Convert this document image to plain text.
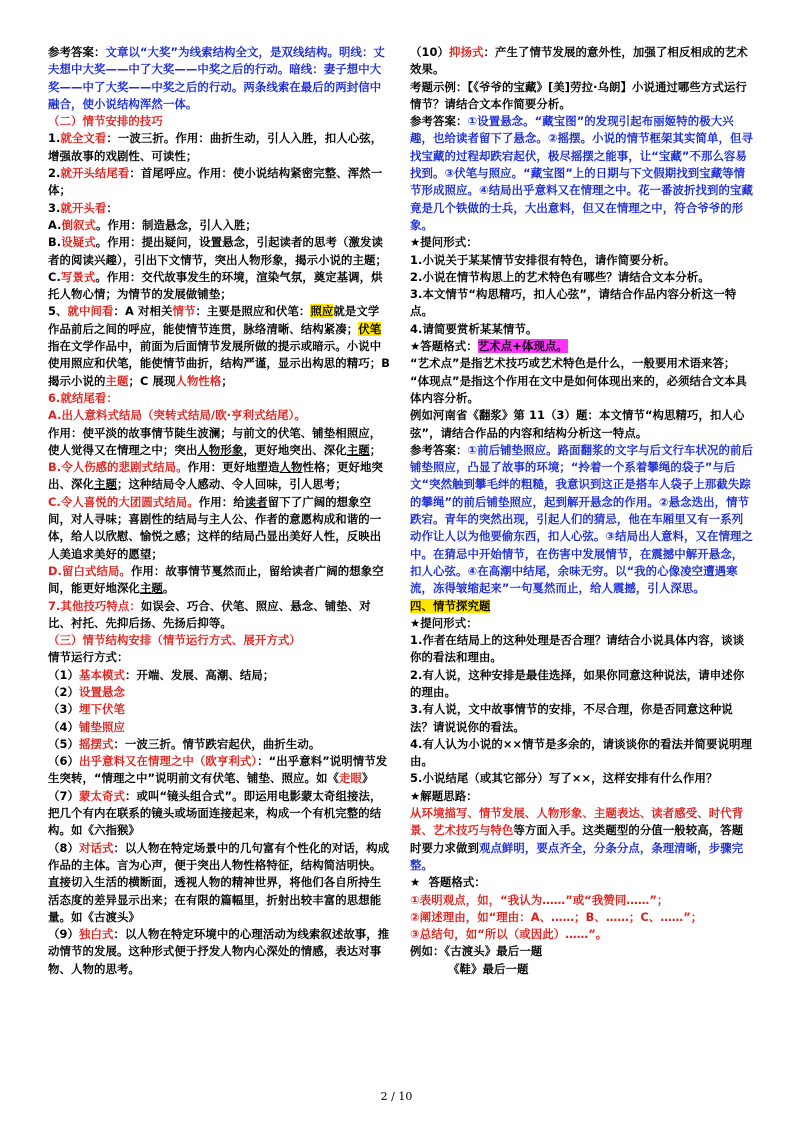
参考答案：文章以“大奖”为线索结构全文，是双线结构。明线：丈夫想中大奖——中了大奖——中奖之后的行动。暗线：妻子想中大奖——中了大奖——中奖之后的行动。两条线索在最后的两封信中融合，使小说结构浑然一体。

（二）情节安排的技巧

1.就全文看：一波三折。作用：曲折生动，引人入胜，扣人心弦，增强故事的戏剧性、可读性；

2.就开头结尾看：首尾呼应。作用：使小说结构紧密完整、浑然一体；

3.就开头看：

A.倒叙式。作用：制造悬念，引人入胜；

B.设疑式。作用：提出疑问，设置悬念，引起读者的思考（激发读者的阅读兴趣），引出下文情节，突出人物形象，揭示小说的主题；

C.写景式。作用：交代故事发生的环境，渲染气氛，奠定基调，烘托人物心情；为情节的发展做铺垫；

5、就中间看：A 对相关情节：主要是照应和伏笔：照应就是文学作品前后之间的呼应，能使情节连贯，脉络清晰、结构紧凑；伏笔指在文学作品中，前面为后面情节发展所做的提示或暗示。小说中使用照应和伏笔，能使情节曲折，结构严谨，显示出构思的精巧；B 揭示小说的主题；C 展现人物性格；

6.就结尾看：

A.出人意料式结局（突转式结局/欧·亨利式结尾）。

作用：使平淡的故事情节陡生波澜；与前文的伏笔、铺垫相照应，使人觉得又在情理之中；突出人物形象，更好地突出、深化主题；

B.令人伤感的悲剧式结局。作用：更好地塑造人物性格；更好地突出、深化主题；这种结局令人感动、令人回味，引人思考；

C.令人喜悦的大团圆式结局。作用：给读者留下了广阔的想象空间，对人寻味；喜剧性的结局与主人公、作者的意愿构成和谐的一体，给人以欣慰、愉悦之感；这样的结局凸显出美好人性，反映出人美追求美好的愿望；

D.留白式结局。作用：故事情节戛然而止，留给读者广阔的想象空间，能更好地深化主题。

7.其他技巧特点：如误会、巧合、伏笔、照应、悬念、铺垫、对比、衬托、先抑后扬、先扬后抑等。

（三）情节结构安排（情节运行方式、展开方式）

情节运行方式：

（1）基本模式：开端、发展、高潮、结局；

（2）设置悬念

（3）埋下伏笔

（4）铺垫照应

（5）摇摆式：一波三折。情节跌宕起伏，曲折生动。

（6）出乎意料又在情理之中（欧亨利式）：“出乎意料”说明情节发生突转，“情理之中”说明前文有伏笔、铺垫、照应。如《走眼》

（7）蒙太奇式：或叫“镜头组合式”。即运用电影蒙太奇组接法，把几个有内在联系的镜头或场面连接起来，构成一个有机完整的结构。如《六指猴》

（8）对话式：以人物在特定场景中的几句富有个性化的对话，构成作品的主体。言为心声，便于突出人物性格特征，结构简洁明快。直接切入生活的横断面，透视人物的精神世界，将他们各自所持生活态度的差异显示出来；在有限的篇幅里，折射出较丰富的思想能量。如《古渡头》

（9）独白式：以人物在特定环境中的心理活动为线索叙述故事，推动情节的发展。这种形式便于抒发人物内心深处的情感，表达对事物、人物的思考。

（10）抑扬式：产生了情节发展的意外性，加强了相反相成的艺术效果。

考题示例：【《爷爷的宝藏》[美]劳拉·乌朗】小说通过哪些方式运行情节？请结合文本作简要分析。

参考答案：①设置悬念。“藏宝图”的发现引起布丽姬特的极大兴趣，也给读者留下了悬念。②摇摆。小说的情节框架其实简单，但寻找宝藏的过程却跌宕起伏，极尽摇摆之能事，让“宝藏”不那么容易找到。③伏笔与照应。“藏宝图”上的日期与下文假期找到宝藏等情节形成照应。④结局出乎意料又在情理之中。花一番波折找到的宝藏竟是几个铁做的士兵，大出意料，但又在情理之中，符合爷爷的形象。

★提问形式：

1.小说关于某某情节安排很有特色，请作简要分析。

2.小说在情节构思上的艺术特色有哪些？请结合文本分析。

3.本文情节“构思精巧，扣人心弦”，请结合作品内容分析这一特点。

4.请简要赏析某某情节。

★答题格式：艺术点+体现点。

“艺术点”是指艺术技巧或艺术特色是什么，一般要用术语来答；

“体现点”是指这个作用在文中是如何体现出来的，必须结合文本具体内容分析。

例如河南省《翻浆》第 11（3）题：本文情节“构思精巧，扣人心弦”，请结合作品的内容和结构分析这一特点。

参考答案：①前后铺垫照应。路面翻浆的文字与后文行车状况的前后铺垫照应，凸显了故事的环境；“拎着一个系着攀绳的袋子”与后文“突然触到攀毛绊的粗糙，我意识到这正是搭车人袋子上那截失踪的攀绳”的前后铺垫照应，起到解开悬念的作用。②悬念迭出，情节跌宕。青年的突然出现，引起人们的猜忌，他在车厢里又有一系列动作让人以为他要偷东西，扣人心弦。③结局出人意料，又在情理之中。在猜忌中开始情节，在伤害中发展情节，在震撼中解开悬念，扣人心弦。④在高潮中结尾，余味无穷。以“我的心像凌空遭遇寒流，冻得皱缩起来”一句戛然而止，给人震撼，引人深思。

四、情节探究题

★提问形式：

1.作者在结局上的这种处理是否合理？请结合小说具体内容，谈谈你的看法和理由。

2.有人说，这种安排是最佳选择，如果你同意这种说法，请申述你的理由。

3.有人说，文中故事情节的安排，不尽合理，你是否同意这种说法？请说说你的看法。

4.有人认为小说的××情节是多余的，请谈谈你的看法并简要说明理由。

5.小说结尾（或其它部分）写了××，这样安排有什么作用？

★解题思路：

从环境描写、情节发展、人物形象、主题表达、读者感受、时代背景、艺术技巧与特色等方面入手。这类题型的分值一般较高，答题时要力求做到观点鲜明，要点齐全，分条分点，条理清晰，步骤完整。

★  答题格式：

①表明观点，如，“我认为……”或“我赞同……”；

②阐述理由，如“理由：A、……；B、……；C、……”；

③总结句，如“所以（或因此）……”。

例如：《古渡头》最后一题

《鞋》最后一题

2 / 10
